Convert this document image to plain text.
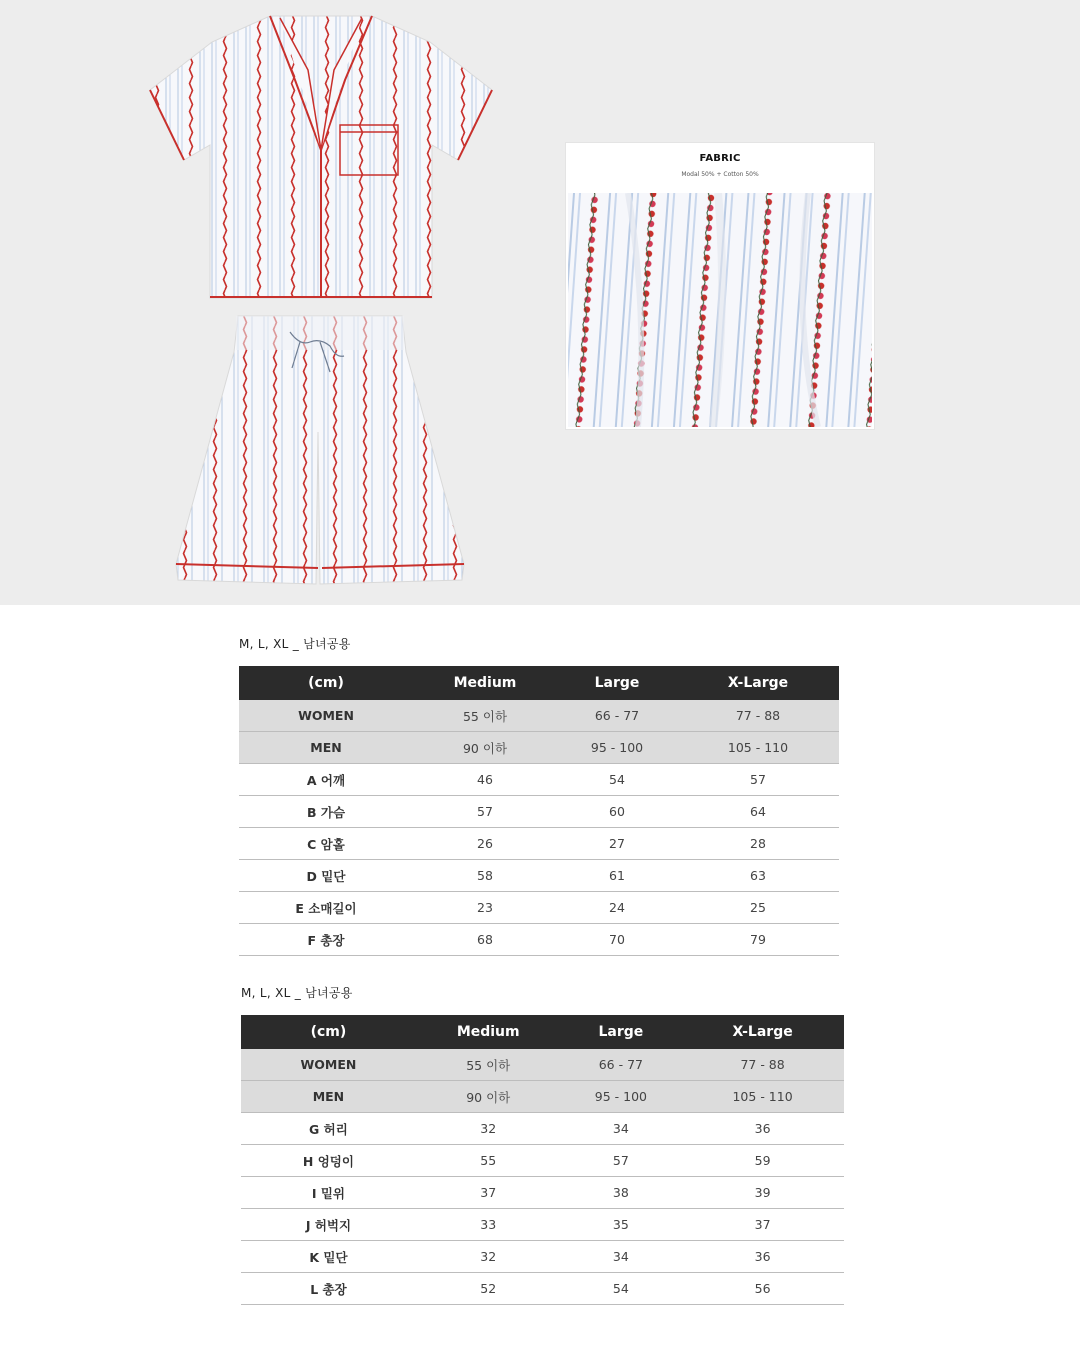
FABRIC
Modal 50% + Cotton 50%
M, L, XL _ 남녀공용
(cm)	Medium	Large	X-Large
WOMEN	55 이하	66 - 77	77 - 88
MEN	90 이하	95 - 100	105 - 110
A 어깨	46	54	57
B 가슴	57	60	64
C 암홀	26	27	28
D 밑단	58	61	63
E 소매길이	23	24	25
F 총장	68	70	79
M, L, XL _ 남녀공용
(cm)	Medium	Large	X-Large
WOMEN	55 이하	66 - 77	77 - 88
MEN	90 이하	95 - 100	105 - 110
G 허리	32	34	36
H 엉덩이	55	57	59
I 밑위	37	38	39
J 허벅지	33	35	37
K 밑단	32	34	36
L 총장	52	54	56
